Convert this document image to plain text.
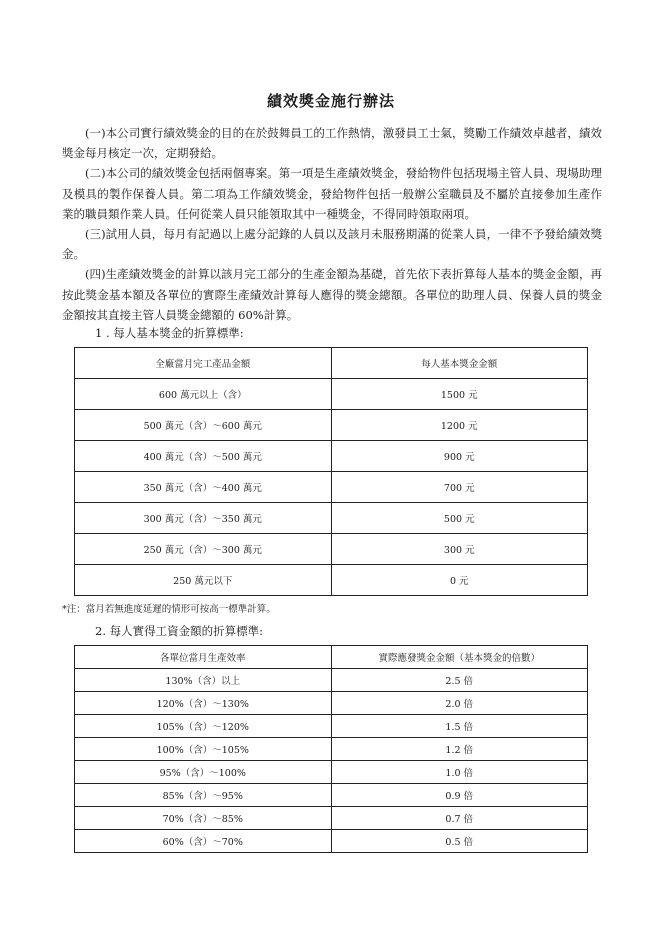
績效獎金施行辦法

(一)本公司實行績效獎金的目的在於鼓舞員工的工作熱情，激發員工士氣，獎勵工作績效卓越者，績效獎金每月核定一次，定期發給。

(二)本公司的績效獎金包括兩個專案。第一項是生產績效獎金，發給物件包括現場主管人員、現場助理及模具的製作保養人員。第二項為工作績效獎金，發給物件包括一般辦公室職員及不屬於直接參加生產作業的職員類作業人員。任何從業人員只能領取其中一種獎金，不得同時領取兩項。

(三)試用人員，每月有記過以上處分記錄的人員以及該月未服務期滿的從業人員，一律不予發給績效獎金。

(四)生產績效獎金的計算以該月完工部分的生產金額為基礎，首先依下表折算每人基本的獎金金額，再按此獎金基本額及各單位的實際生產績效計算每人應得的獎金總額。各單位的助理人員、保養人員的獎金金額按其直接主管人員獎金總額的 60%計算。

1 . 每人基本獎金的折算標準:
全廠當月完工產品金額	每人基本獎金金額
600 萬元以上（含）	1500 元
500 萬元（含）～600 萬元	1200 元
400 萬元（含）～500 萬元	900 元
350 萬元（含）～400 萬元	700 元
300 萬元（含）～350 萬元	500 元
250 萬元（含）～300 萬元	300 元
250 萬元以下	0 元
*注：當月若無進度延遲的情形可按高一標準計算。
2. 每人實得工資金額的折算標準:
各單位當月生產效率	實際應發獎金金額（基本獎金的倍數）
130%（含）以上	2.5 倍
120%（含）～130%	2.0 倍
105%（含）～120%	1.5 倍
100%（含）～105%	1.2 倍
95%（含）～100%	1.0 倍
85%（含）～95%	0.9 倍
70%（含）～85%	0.7 倍
60%（含）～70%	0.5 倍
